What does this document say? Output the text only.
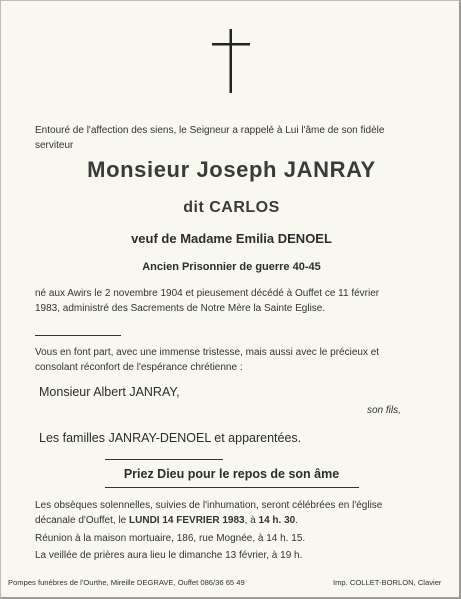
Entouré de l'affection des siens, le Seigneur a rappelé à Lui l'âme de son fidèle
serviteur
Monsieur Joseph JANRAY
dit CARLOS
veuf de Madame Emilia DENOEL
Ancien Prisonnier de guerre 40-45
né aux Awirs le 2 novembre 1904 et pieusement décédé à Ouffet ce 11 février
1983, administré des Sacrements de Notre Mère la Sainte Eglise.
Vous en font part, avec une immense tristesse, mais aussi avec le précieux et
consolant réconfort de l'espérance chrétienne :
Monsieur Albert JANRAY,
son fils,
Les familles JANRAY-DENOEL et apparentées.
Priez Dieu pour le repos de son âme
Les obsèques solennelles, suivies de l'inhumation, seront célébrées en l'église
décanale d'Ouffet, le LUNDI 14 FEVRIER 1983, à 14 h. 30.
Réunion à la maison mortuaire, 186, rue Mognée, à 14 h. 15.
La veillée de prières aura lieu le dimanche 13 février, à 19 h.
Pompes funèbres de l'Ourthe, Mireille DEGRAVE, Ouffet 086/36 65 49	Imp. COLLET-BORLON, Clavier
